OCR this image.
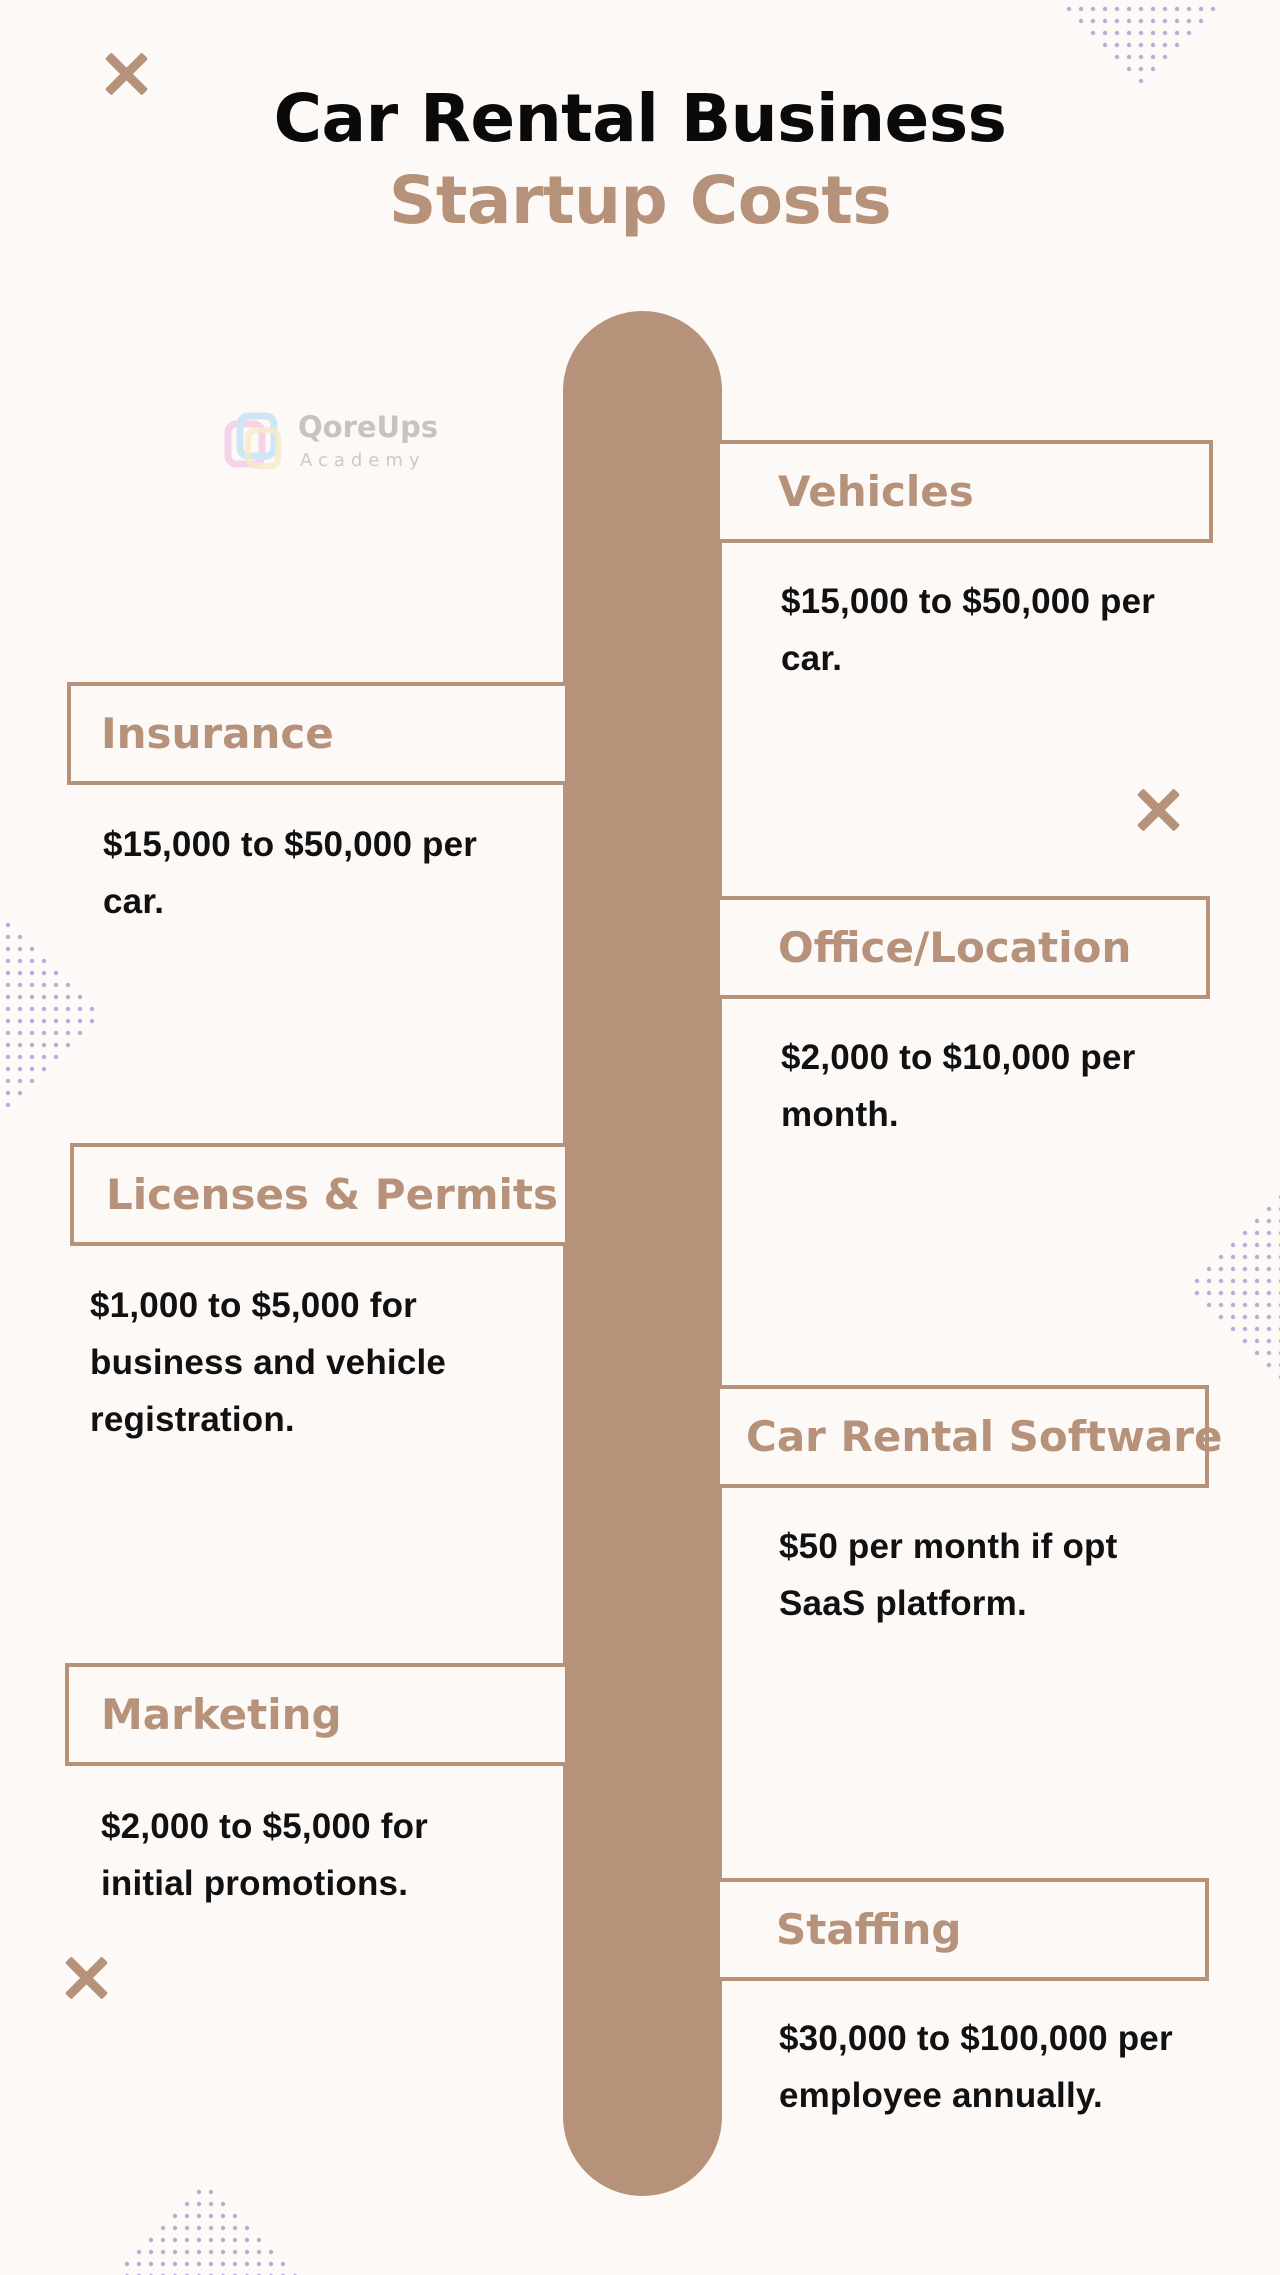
Car Rental Business
Startup Costs
QoreUps
Academy
Vehicles
$15,000 to $50,000 per
car.
Insurance
$15,000 to $50,000 per
car.
Office/Location
$2,000 to $10,000 per
month.
Licenses & Permits
$1,000 to $5,000 for
business and vehicle
registration.	Car Rental Software
$50 per month if opt
SaaS platform.
Marketing
$2,000 to $5,000 for
initial promotions.
Staffing
$30,000 to $100,000 per
employee annually.
